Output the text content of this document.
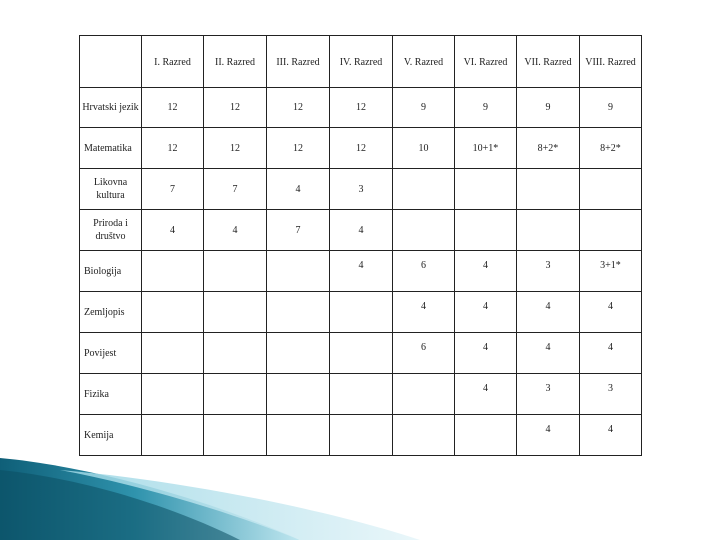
	I. Razred	II. Razred	III. Razred	IV. Razred	V. Razred	VI. Razred	VII. Razred	VIII. Razred
Hrvatski jezik	12	12	12	12	9	9	9	9
Matematika	12	12	12	12	10	10+1*	8+2*	8+2*
Likovna kultura	7	7	4	3				
Priroda i društvo	4	4	7	4				
Biologija				4	6	4	3	3+1*
Zemljopis					4	4	4	4
Povijest					6	4	4	4
Fizika						4	3	3
Kemija							4	4
